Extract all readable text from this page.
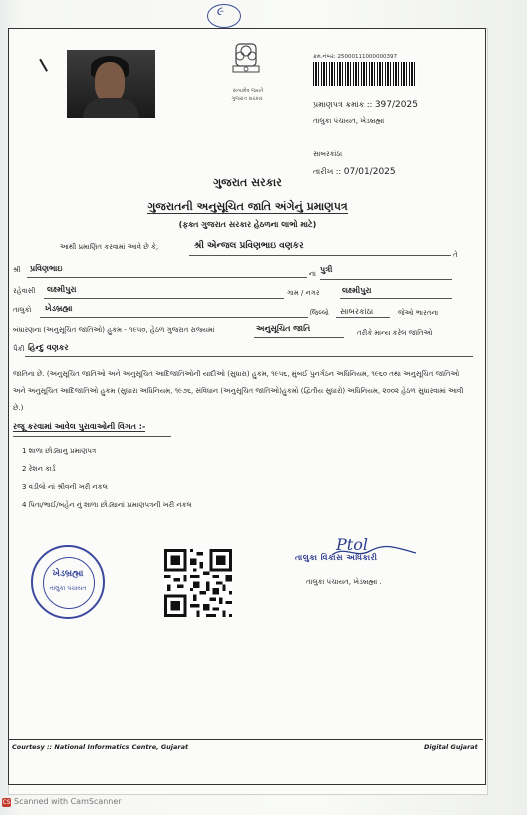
૯
સત્યમેવ જયતે
ગુજરાત સરકાર
ક્રમ.નંબર: 25000111000000397
પ્રમાણપત્ર ક્રમાંક :: 397/2025
તાલુકા પંચાયત, ખેડબ્રહ્મા
સાબરકાંઠા
તારીખ :: 07/01/2025
ગુજરાત સરકાર
ગુજરાતની અનુસૂચિત જાતિ અંગેનું પ્રમાણપત્ર
(ફક્ત ગુજરાત સરકાર હેઠળના લાભો માટે)
આથી પ્રમાણિત કરવામાં આવે છે કે,	શ્રી એન્જલ પ્રવિણભાઇ વણકર
તે
શ્રી પ્રવિણભાઇ
ના પુત્રી
રહેવાસી લક્ષ્મીપુરા	ગામ / નગર	લક્ષ્મીપુરા
તાલુકો ખેડબ્રહ્મા	જિલ્લો સાબરકાંઠા	જેઓ ભારતના
બંધારણના (અનુસૂચિત જાતિઓ) હુકમ - ૧૯૫૦, હેઠળ ગુજરાત રાજ્યમાં	અનુસૂચિત જાતિ	તરીકે માન્ય કરેલ જાતિઓ
પૈકી હિન્દુ વણકર
જાતિના છે. (અનુસૂચિત જાતિઓ અને અનુસૂચિત આદિજાતિઓની યાદીઓ (સુધારા) હુકમ, ૧૯૫૬, મુંબઈ પુનર્ગઠન અધિનિયમ, ૧૯૬૦ તથા અનુસૂચિત જાતિઓ અને અનુસૂચિત આદિજાતિઓ હુકમ (સુધારા અધિનિયમ, ૧૯૭૬, સંવિધાન (અનુસૂચિત જાતિઓ)હુકમો (દ્વિતીય સુધારો) અધિનિયમ, ૨૦૦૨ હેઠળ સુધારવામાં આવી છે.)
રજૂ કરવામાં આવેલ પુરાવાઓની વિગત :-
1 શાળા છોડ્યાનુ પ્રમાણપત્ર
2 રેશન કાર્ડ
3 વડીલો નાં શ્રીવની ખરી નકલ
4 પિતા/ભાઈ/બહેન નું શાળા છોડ્યાનાં પ્રમાણપત્રની ખરી નકલ
ખેડબ્રહ્મા
તાલુકા પંચાયત
Ptol
તાલુકા વિકાસ અધિકારી
તાલુકા પંચાયત, ખેડબ્રહ્મા .
Courtesy :: National Informatics Centre, Gujarat	Digital Gujarat
CS Scanned with CamScanner
